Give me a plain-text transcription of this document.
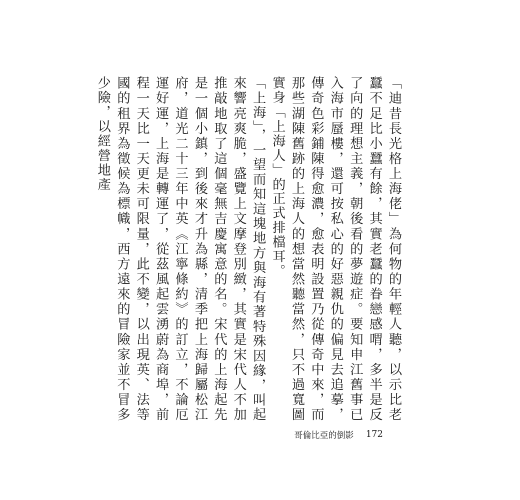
「迪昔長光格上海佬」為何物的年輕人聽，以示比老蠶不足比小蠶有餘，其實老蠶的眷戀感喟，多半是反了向的理想主義，朝後看的夢遊症。要知申江舊事已入海市蜃樓，還可按私心的好惡親仇的偏見去追摹，傳奇色彩鋪陳得愈濃，愈表明設置乃從傳奇中來，而那些湖陳舊跡的上海人的想當然聽當然，只不過寬圖實身「上海人」的正式排檔耳。

「上海」，一望而知這塊地方與海有著特殊因緣，叫起來響亮爽脆，盛覽上文摩登別緻，其實是宋代人不加推敲地取了這個毫無吉慶寓意的名。宋代的上海起先是一個小鎮，到後來才升為縣，清季把上海歸屬松江府，道光二十三年中英《江寧條約》的訂立，不論厄運好運，上海是轉運了，從茲風起雲湧蔚為商埠，前程一天比一天更未可限量，此不變，以出現英、法等國的租界為徵候為標幟，西方遠來的冒險家並不冒多少險，以經營地產

哥倫比亞的倒影 172
